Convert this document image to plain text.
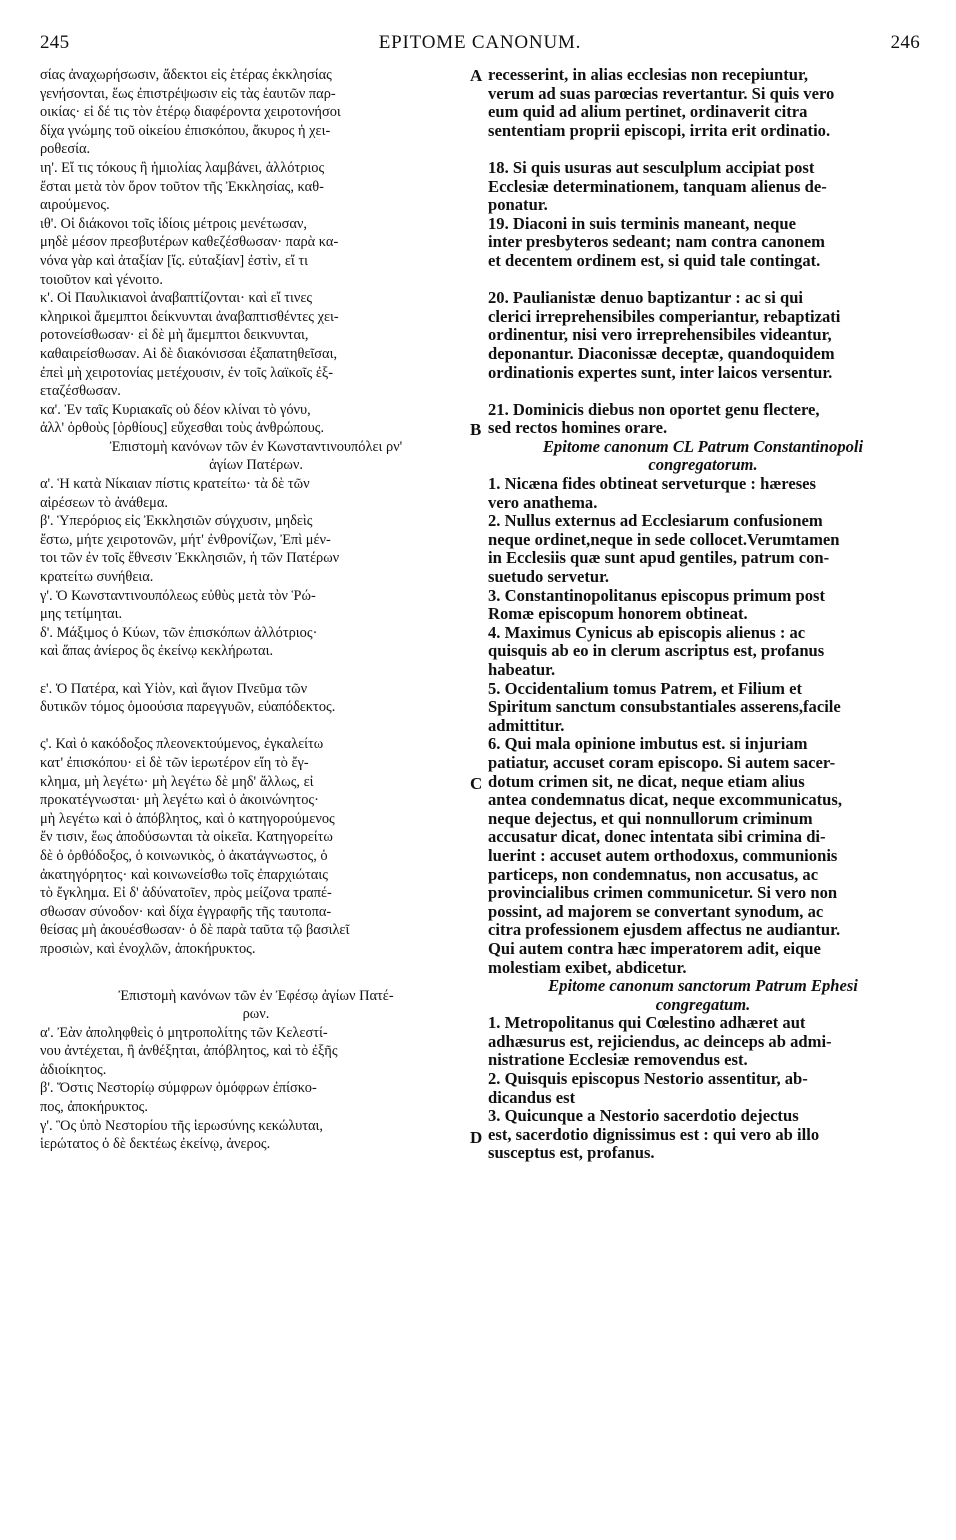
245	EPITOME CANONUM.	246
A
B
C
D
σίας ἀναχωρήσωσιν, ἄδεκτοι εἰς ἑτέρας ἐκκλησίας
γενήσονται, ἕως ἐπιστρέψωσιν εἰς τὰς ἑαυτῶν παρ-
οικίας· εἰ δέ τις τὸν ἑτέρῳ διαφέροντα χειροτονήσοι
δίχα γνώμης τοῦ οἰκείου ἐπισκόπου, ἄκυρος ἡ χει-
ροθεσία.
ιη'. Εἴ τις τόκους ἢ ἡμιολίας λαμβάνει, ἀλλότριος
ἔσται μετὰ τὸν ὅρον τοῦτον τῆς Ἐκκλησίας, καθ-
αιρούμενος.
ιθ'. Οἱ διάκονοι τοῖς ἰδίοις μέτροις μενέτωσαν,
μηδὲ μέσον πρεσβυτέρων καθεζέσθωσαν· παρὰ κα-
νόνα γὰρ καὶ ἀταξίαν [ἴς. εὐταξίαν] ἐστὶν, εἴ τι
τοιοῦτον καὶ γένοιτο.
κ'. Οἱ Παυλικιανοὶ ἀναβαπτίζονται· καὶ εἴ τινες
κληρικοὶ ἄμεμπτοι δείκνυνται ἀναβαπτισθέντες χει-
ροτονείσθωσαν· εἰ δὲ μὴ ἄμεμπτοι δεικνυνται,
καθαιρείσθωσαν. Αἱ δὲ διακόνισσαι ἐξαπατηθεῖσαι,
ἐπεὶ μὴ χειροτονίας μετέχουσιν, ἐν τοῖς λαϊκοῖς ἐξ-
εταζέσθωσαν.
κα'. Ἐν ταῖς Κυριακαῖς οὐ δέον κλίναι τὸ γόνυ,
ἀλλ' ὀρθοὺς [ὀρθίους] εὔχεσθαι τοὺς ἀνθρώπους.
Ἐπιστομὴ κανόνων τῶν ἐν Κωνσταντινουπόλει ρν'
ἁγίων Πατέρων.
α'. Ἡ κατὰ Νίκαιαν πίστις κρατείτω· τὰ δὲ τῶν
αἱρέσεων τὸ ἀνάθεμα.
β'. Ὑπερόριος εἰς Ἐκκλησιῶν σύγχυσιν, μηδεὶς
ἔστω, μήτε χειροτονῶν, μήτ' ἐνθρονίζων, Ἐπὶ μέν-
τοι τῶν ἐν τοῖς ἔθνεσιν Ἐκκλησιῶν, ἡ τῶν Πατέρων
κρατείτω συνήθεια.
γ'. Ὁ Κωνσταντινουπόλεως εὐθὺς μετὰ τὸν Ῥώ-
μης τετίμηται.
δ'. Μάξιμος ὁ Κύων, τῶν ἐπισκόπων ἀλλότριος·
καὶ ἅπας ἀνίερος ὃς ἐκείνῳ κεκλήρωται.
ε'. Ὁ Πατέρα, καὶ Υἱὸν, καὶ ἅγιον Πνεῦμα τῶν
δυτικῶν τόμος ὁμοούσια παρεγγυῶν, εὐαπόδεκτος.
ς'. Καὶ ὁ κακόδοξος πλεονεκτούμενος, ἐγκαλείτω
κατ' ἐπισκόπου· εἰ δὲ τῶν ἱερωτέρον εἴη τὸ ἔγ-
κλημα, μὴ λεγέτω· μὴ λεγέτω δὲ μηδ' ἄλλως, εἰ
προκατέγνωσται· μὴ λεγέτω καὶ ὁ ἀκοινώνητος·
μὴ λεγέτω καὶ ὁ ἀπόβλητος, καὶ ὁ κατηγορούμενος
ἔν τισιν, ἕως ἀποδύσωνται τὰ οἰκεῖα. Κατηγορείτω
δὲ ὁ ὀρθόδοξος, ὁ κοινωνικὸς, ὁ ἀκατάγνωστος, ὁ
ἀκατηγόρητος· καὶ κοινωνείσθω τοῖς ἐπαρχιώταις
τὸ ἔγκλημα. Εἰ δ' ἀδύνατοῖεν, πρὸς μείζονα τραπέ-
σθωσαν σύνοδον· καὶ δίχα ἐγγραφῆς τῆς ταυτοπα-
θείσας μὴ ἀκουέσθωσαν· ὁ δὲ παρὰ ταῦτα τῷ βασιλεῖ
προσιὼν, καὶ ἐνοχλῶν, ἀποκήρυκτος.
Ἐπιστομὴ κανόνων τῶν ἐν Ἐφέσῳ ἁγίων Πατέ-
ρων.
α'. Ἐὰν ἀποληφθεὶς ὁ μητροπολίτης τῶν Κελεστί-
νου ἀντέχεται, ἢ ἀνθέξηται, ἀπόβλητος, καὶ τὸ ἐξῆς
ἀδιοίκητος.
β'. Ὅστις Νεστορίῳ σύμφρων ὁμόφρων ἐπίσκο-
πος, ἀποκήρυκτος.
γ'. Ὃς ὑπὸ Νεστορίου τῆς ἱερωσύνης κεκώλυται,
ἱερώτατος ὁ δὲ δεκτέως ἐκείνῳ, ἀνερος.
recesserint, in alias ecclesias non recepiuntur,
verum ad suas parœcias revertantur. Si quis vero
eum quid ad alium pertinet, ordinaverit citra
sententiam proprii episcopi, irrita erit ordinatio.
18. Si quis usuras aut sesculplum accipiat post
Ecclesiæ determinationem, tanquam alienus de-
ponatur.
19. Diaconi in suis terminis maneant, neque
inter presbyteros sedeant; nam contra canonem
et decentem ordinem est, si quid tale contingat.
20. Paulianistæ denuo baptizantur : ac si qui
clerici irreprehensibiles comperiantur, rebaptizati
ordinentur, nisi vero irreprehensibiles videantur,
deponantur. Diaconissæ deceptæ, quandoquidem
ordinationis expertes sunt, inter laicos versentur.
21. Dominicis diebus non oportet genu flectere,
sed rectos homines orare.
Epitome canonum CL Patrum Constantinopoli
congregatorum.
1. Nicæna fides obtineat serveturque : hæreses
vero anathema.
2. Nullus externus ad Ecclesiarum confusionem
neque ordinet,neque in sede collocet.Verumtamen
in Ecclesiis quæ sunt apud gentiles, patrum con-
suetudo servetur.
3. Constantinopolitanus episcopus primum post
Romæ episcopum honorem obtineat.
4. Maximus Cynicus ab episcopis alienus : ac
quisquis ab eo in clerum ascriptus est, profanus
habeatur.
5. Occidentalium tomus Patrem, et Filium et
Spiritum sanctum consubstantiales asserens,facile
admittitur.
6. Qui mala opinione imbutus est. si injuriam
patiatur, accuset coram episcopo. Si autem sacer-
dotum crimen sit, ne dicat, neque etiam alius
antea condemnatus dicat, neque excommunicatus,
neque dejectus, et qui nonnullorum criminum
accusatur dicat, donec intentata sibi crimina di-
luerint : accuset autem orthodoxus, communionis
particeps, non condemnatus, non accusatus, ac
provincialibus crimen communicetur. Si vero non
possint, ad majorem se convertant synodum, ac
citra professionem ejusdem affectus ne audiantur.
Qui autem contra hæc imperatorem adit, eique
molestiam exibet, abdicetur.
Epitome canonum sanctorum Patrum Ephesi
congregatum.
1. Metropolitanus qui Cœlestino adhæret aut
adhæsurus est, rejiciendus, ac deinceps ab admi-
nistratione Ecclesiæ removendus est.
2. Quisquis episcopus Nestorio assentitur, ab-
dicandus est
3. Quicunque a Nestorio sacerdotio dejectus
est, sacerdotio dignissimus est : qui vero ab illo
susceptus est, profanus.
